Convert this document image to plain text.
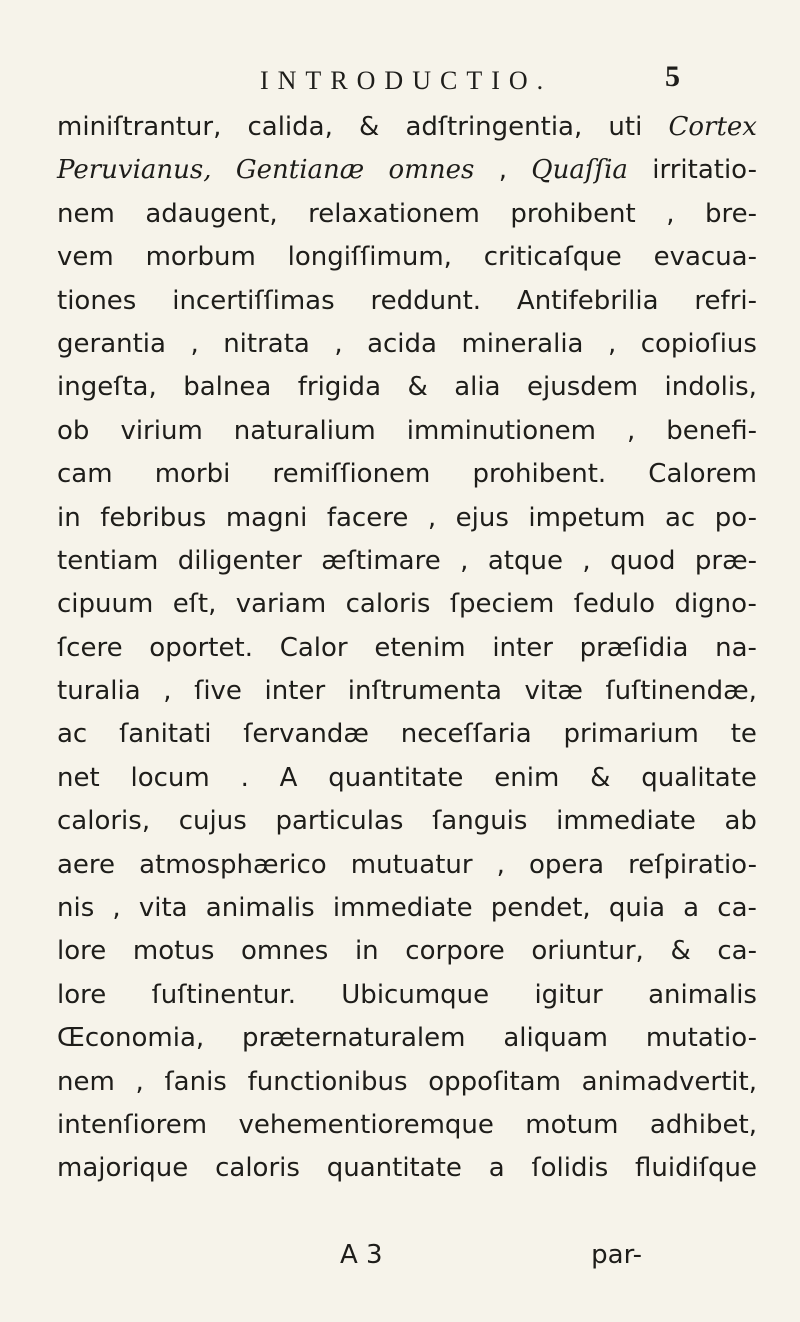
INTRODUCTIO.	5
miniſtrantur, calida, & adſtringentia, uti Cortex
Peruvianus, Gentianæ omnes , Quaſſia irritatio-
nem adaugent, relaxationem prohibent , bre-
vem morbum longiſſimum, criticaſque evacua-
tiones incertiſſimas reddunt. Antifebrilia refri-
gerantia , nitrata , acida mineralia , copioſius
ingeſta, balnea frigida & alia ejusdem indolis,
ob virium naturalium imminutionem , benefi-
cam morbi remiſſionem prohibent. Calorem
in febribus magni facere , ejus impetum ac po-
tentiam diligenter æſtimare , atque , quod præ-
cipuum eſt, variam caloris ſpeciem ſedulo digno-
ſcere oportet. Calor etenim inter præſidia na-
turalia , ſive inter inſtrumenta vitæ ſuſtinendæ,
ac ſanitati ſervandæ neceſſaria primarium te
net locum . A quantitate enim & qualitate
caloris, cujus particulas ſanguis immediate ab
aere atmosphærico mutuatur , opera reſpiratio-
nis , vita animalis immediate pendet, quia a ca-
lore motus omnes in corpore oriuntur, & ca-
lore ſuſtinentur. Ubicumque igitur animalis
Œconomia, præternaturalem aliquam mutatio-
nem , ſanis functionibus oppoſitam animadvertit,
intenſiorem vehementioremque motum adhibet,
majorique caloris quantitate a ſolidis fluidiſque
A 3	par-
